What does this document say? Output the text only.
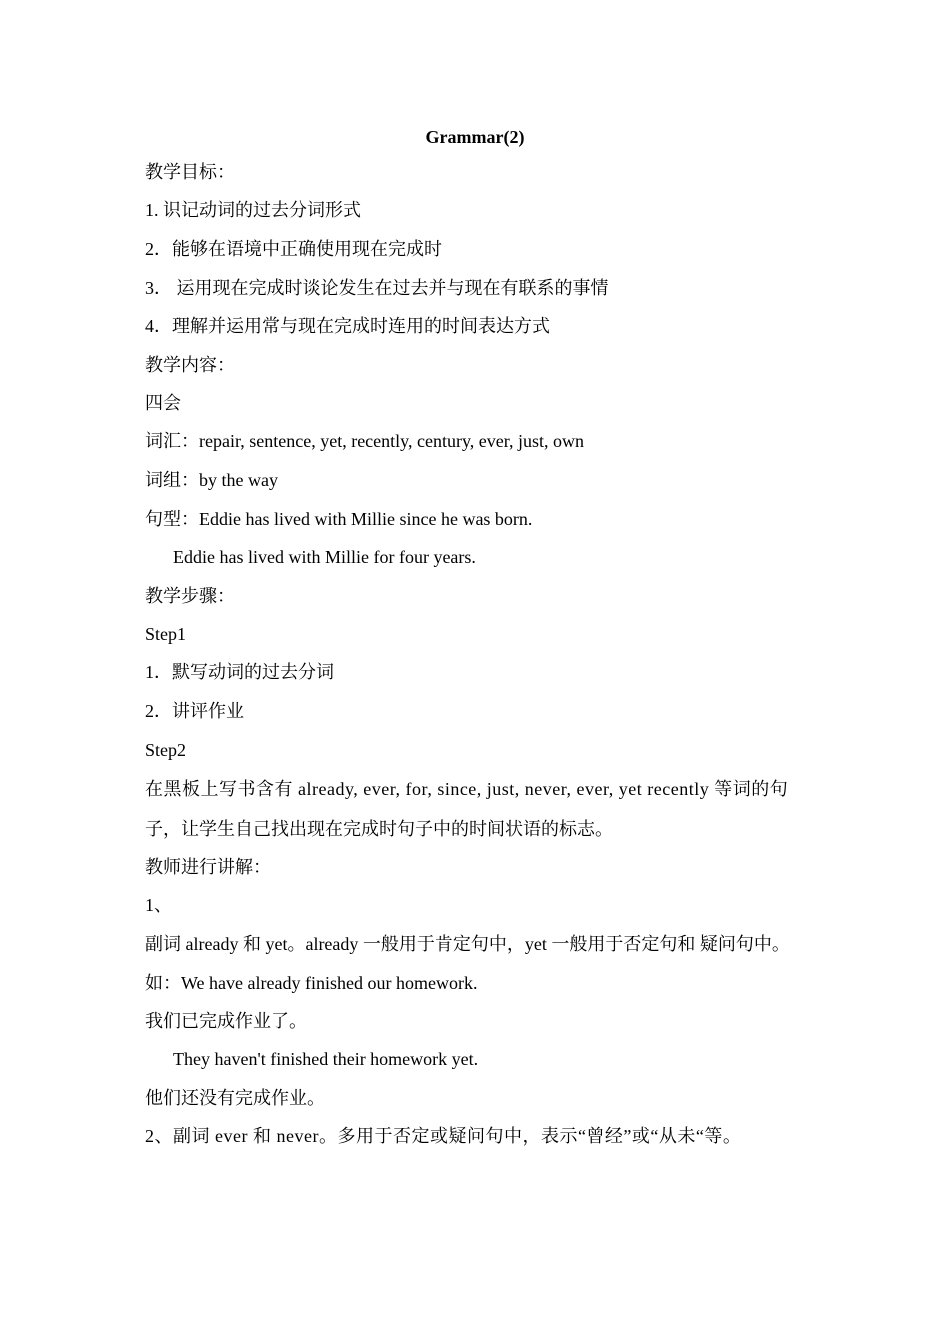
Grammar(2)
教学目标：
1. 识记动词的过去分词形式
2．能够在语境中正确使用现在完成时
3． 运用现在完成时谈论发生在过去并与现在有联系的事情
4．理解并运用常与现在完成时连用的时间表达方式
教学内容：
四会
词汇：repair, sentence, yet, recently, century, ever, just, own
词组：by the way
句型：Eddie has lived with Millie since he was born.
Eddie has lived with Millie for four years.
教学步骤：
Step1
1．默写动词的过去分词
2．讲评作业
Step2
在黑板上写书含有 already, ever, for, since, just, never, ever, yet recently 等词的句
子，让学生自己找出现在完成时句子中的时间状语的标志。
教师进行讲解：
1、
副词 already 和 yet。already 一般用于肯定句中，yet 一般用于否定句和 疑问句中。
如：We have already finished our homework.
我们已完成作业了。
They haven't finished their homework yet.
他们还没有完成作业。
2、副词 ever 和 never。多用于否定或疑问句中，表示“曾经”或“从未“等。
